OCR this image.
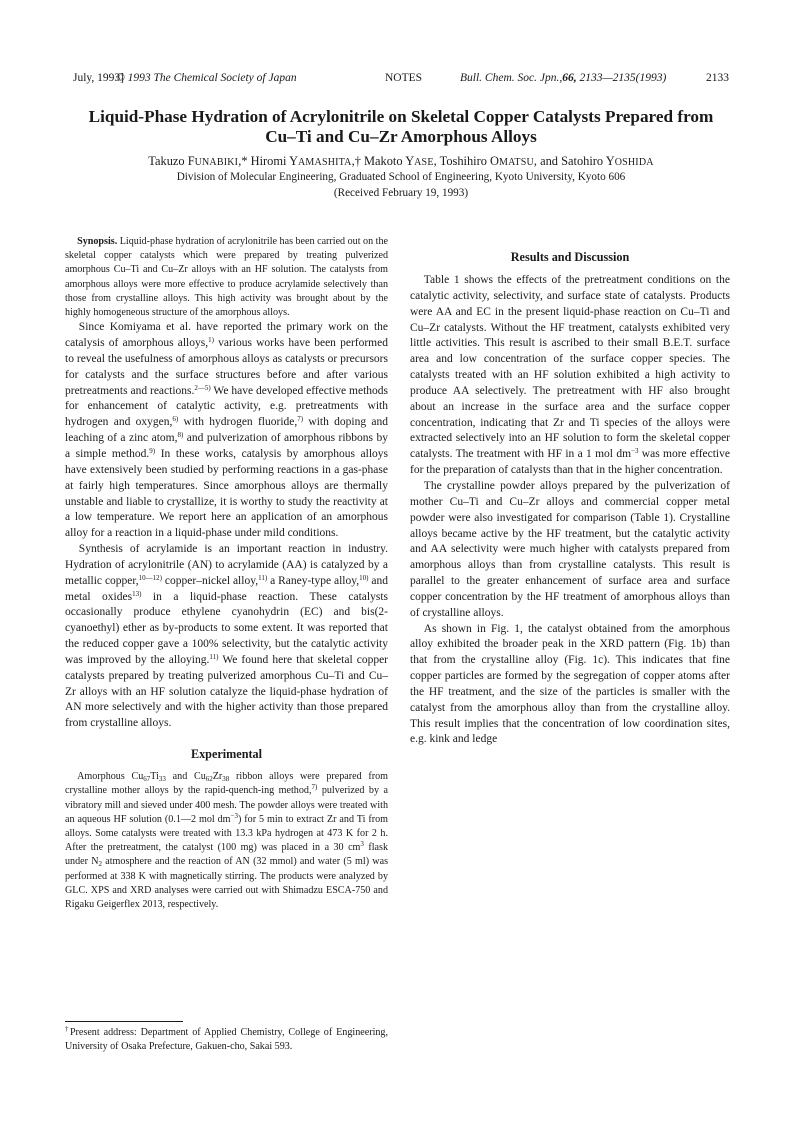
July, 1993]
© 1993 The Chemical Society of Japan	NOTES	Bull. Chem. Soc. Jpn.,66, 2133—2135(1993)	2133
Liquid-Phase Hydration of Acrylonitrile on Skeletal Copper Catalysts Prepared from Cu–Ti and Cu–Zr Amorphous Alloys
Takuzo FUNABIKI,* Hiromi YAMASHITA,† Makoto YASE, Toshihiro OMATSU, and Satohiro YOSHIDA
Division of Molecular Engineering, Graduated School of Engineering, Kyoto University, Kyoto 606
(Received February 19, 1993)

Synopsis. Liquid-phase hydration of acrylonitrile has been carried out on the skeletal copper catalysts which were prepared by treating pulverized amorphous Cu–Ti and Cu–Zr alloys with an HF solution. The catalysts from amorphous alloys were more effective to produce acrylamide selectively than those from crystalline alloys. This high activity was brought about by the highly homogeneous structure of the amorphous alloys.

Since Komiyama et al. have reported the primary work on the catalysis of amorphous alloys,$^{1)}$ various works have been performed to reveal the usefulness of amorphous alloys as catalysts or precursors for catalysts and the surface structures before and after various pretreatments and reactions.$^{2—5)}$ We have developed effective methods for enhancement of catalytic activity, e.g. pretreatments with hydrogen and oxygen,$^{6)}$ with hydrogen fluoride,$^{7)}$ with doping and leaching of a zinc atom,$^{8)}$ and pulverization of amorphous ribbons by a simple method.$^{9)}$ In these works, catalysis by amorphous alloys have extensively been studied by performing reactions in a gas-phase at fairly high temperatures. Since amorphous alloys are thermally unstable and liable to crystallize, it is worthy to study the reactivity at a low temperature. We report here an application of an amorphous alloy for a reaction in a liquid-phase under mild conditions.

Synthesis of acrylamide is an important reaction in industry. Hydration of acrylonitrile (AN) to acrylamide (AA) is catalyzed by a metallic copper,$^{10—12)}$ copper–nickel alloy,$^{11)}$ a Raney-type alloy,$^{10)}$ and metal oxides$^{13)}$ in a liquid-phase reaction. These catalysts occasionally produce ethylene cyanohydrin (EC) and bis(2-cyanoethyl) ether as by-products to some extent. It was reported that the reduced copper gave a 100% selectivity, but the catalytic activity was improved by the alloying.$^{11)}$ We found here that skeletal copper catalysts prepared by treating pulverized amorphous Cu–Ti and Cu–Zr alloys with an HF solution catalyze the liquid-phase hydration of AN more selectively and with the higher activity than those prepared from crystalline alloys.

Experimental

Amorphous $Cu_{67}Ti_{33}$ and $Cu_{62}Zr_{38}$ ribbon alloys were prepared from crystalline mother alloys by the rapid-quench-ing method,$^{7)}$ pulverized by a vibratory mill and sieved under 400 mesh. The powder alloys were treated with an aqueous HF solution (0.1—2 mol $dm^{-3}$) for 5 min to extract Zr and Ti from alloys. Some catalysts were treated with 13.3 kPa hydrogen at 473 K for 2 h. After the pretreatment, the catalyst (100 mg) was placed in a 30 $cm^3$ flask under $N_2$ atmosphere and the reaction of AN (32 mmol) and water (5 ml) was performed at 338 K with magnetically stirring. The products were analyzed by GLC. XPS and XRD analyses were carried out with Shimadzu ESCA-750 and Rigaku Geigerflex 2013, respectively.

Results and Discussion

Table 1 shows the effects of the pretreatment conditions on the catalytic activity, selectivity, and surface state of catalysts. Products were AA and EC in the present liquid-phase reaction on Cu–Ti and Cu–Zr catalysts. Without the HF treatment, catalysts exhibited very little activities. This result is ascribed to their small B.E.T. surface area and low concentration of the surface copper species. The catalysts treated with an HF solution exhibited a high activity to produce AA selectively. The pretreatment with HF also brought about an increase in the surface area and the surface copper concentration, indicating that Zr and Ti species of the alloys were extracted selectively into an HF solution to form the skeletal copper catalysts. The treatment with HF in a 1 mol $dm^{-3}$ was more effective for the preparation of catalysts than that in the higher concentration.

The crystalline powder alloys prepared by the pulverization of mother Cu–Ti and Cu–Zr alloys and commercial copper metal powder were also investigated for comparison (Table 1). Crystalline alloys became active by the HF treatment, but the catalytic activity and AA selectivity were much higher with catalysts prepared from amorphous alloys than from crystalline catalysts. This result is parallel to the greater enhancement of surface area and surface copper concentration by the HF treatment of amorphous alloys than of crystalline alloys.

As shown in Fig. 1, the catalyst obtained from the amorphous alloy exhibited the broader peak in the XRD pattern (Fig. 1b) than that from the crystalline alloy (Fig. 1c). This indicates that fine copper particles are formed by the segregation of copper atoms after the HF treatment, and the size of the particles is smaller with the catalyst from the amorphous alloy than from the crystalline alloy. This result implies that the concentration of low coordination sites, e.g. kink and ledge

†Present address: Department of Applied Chemistry, College of Engineering, University of Osaka Prefecture, Gakuen-cho, Sakai 593.
